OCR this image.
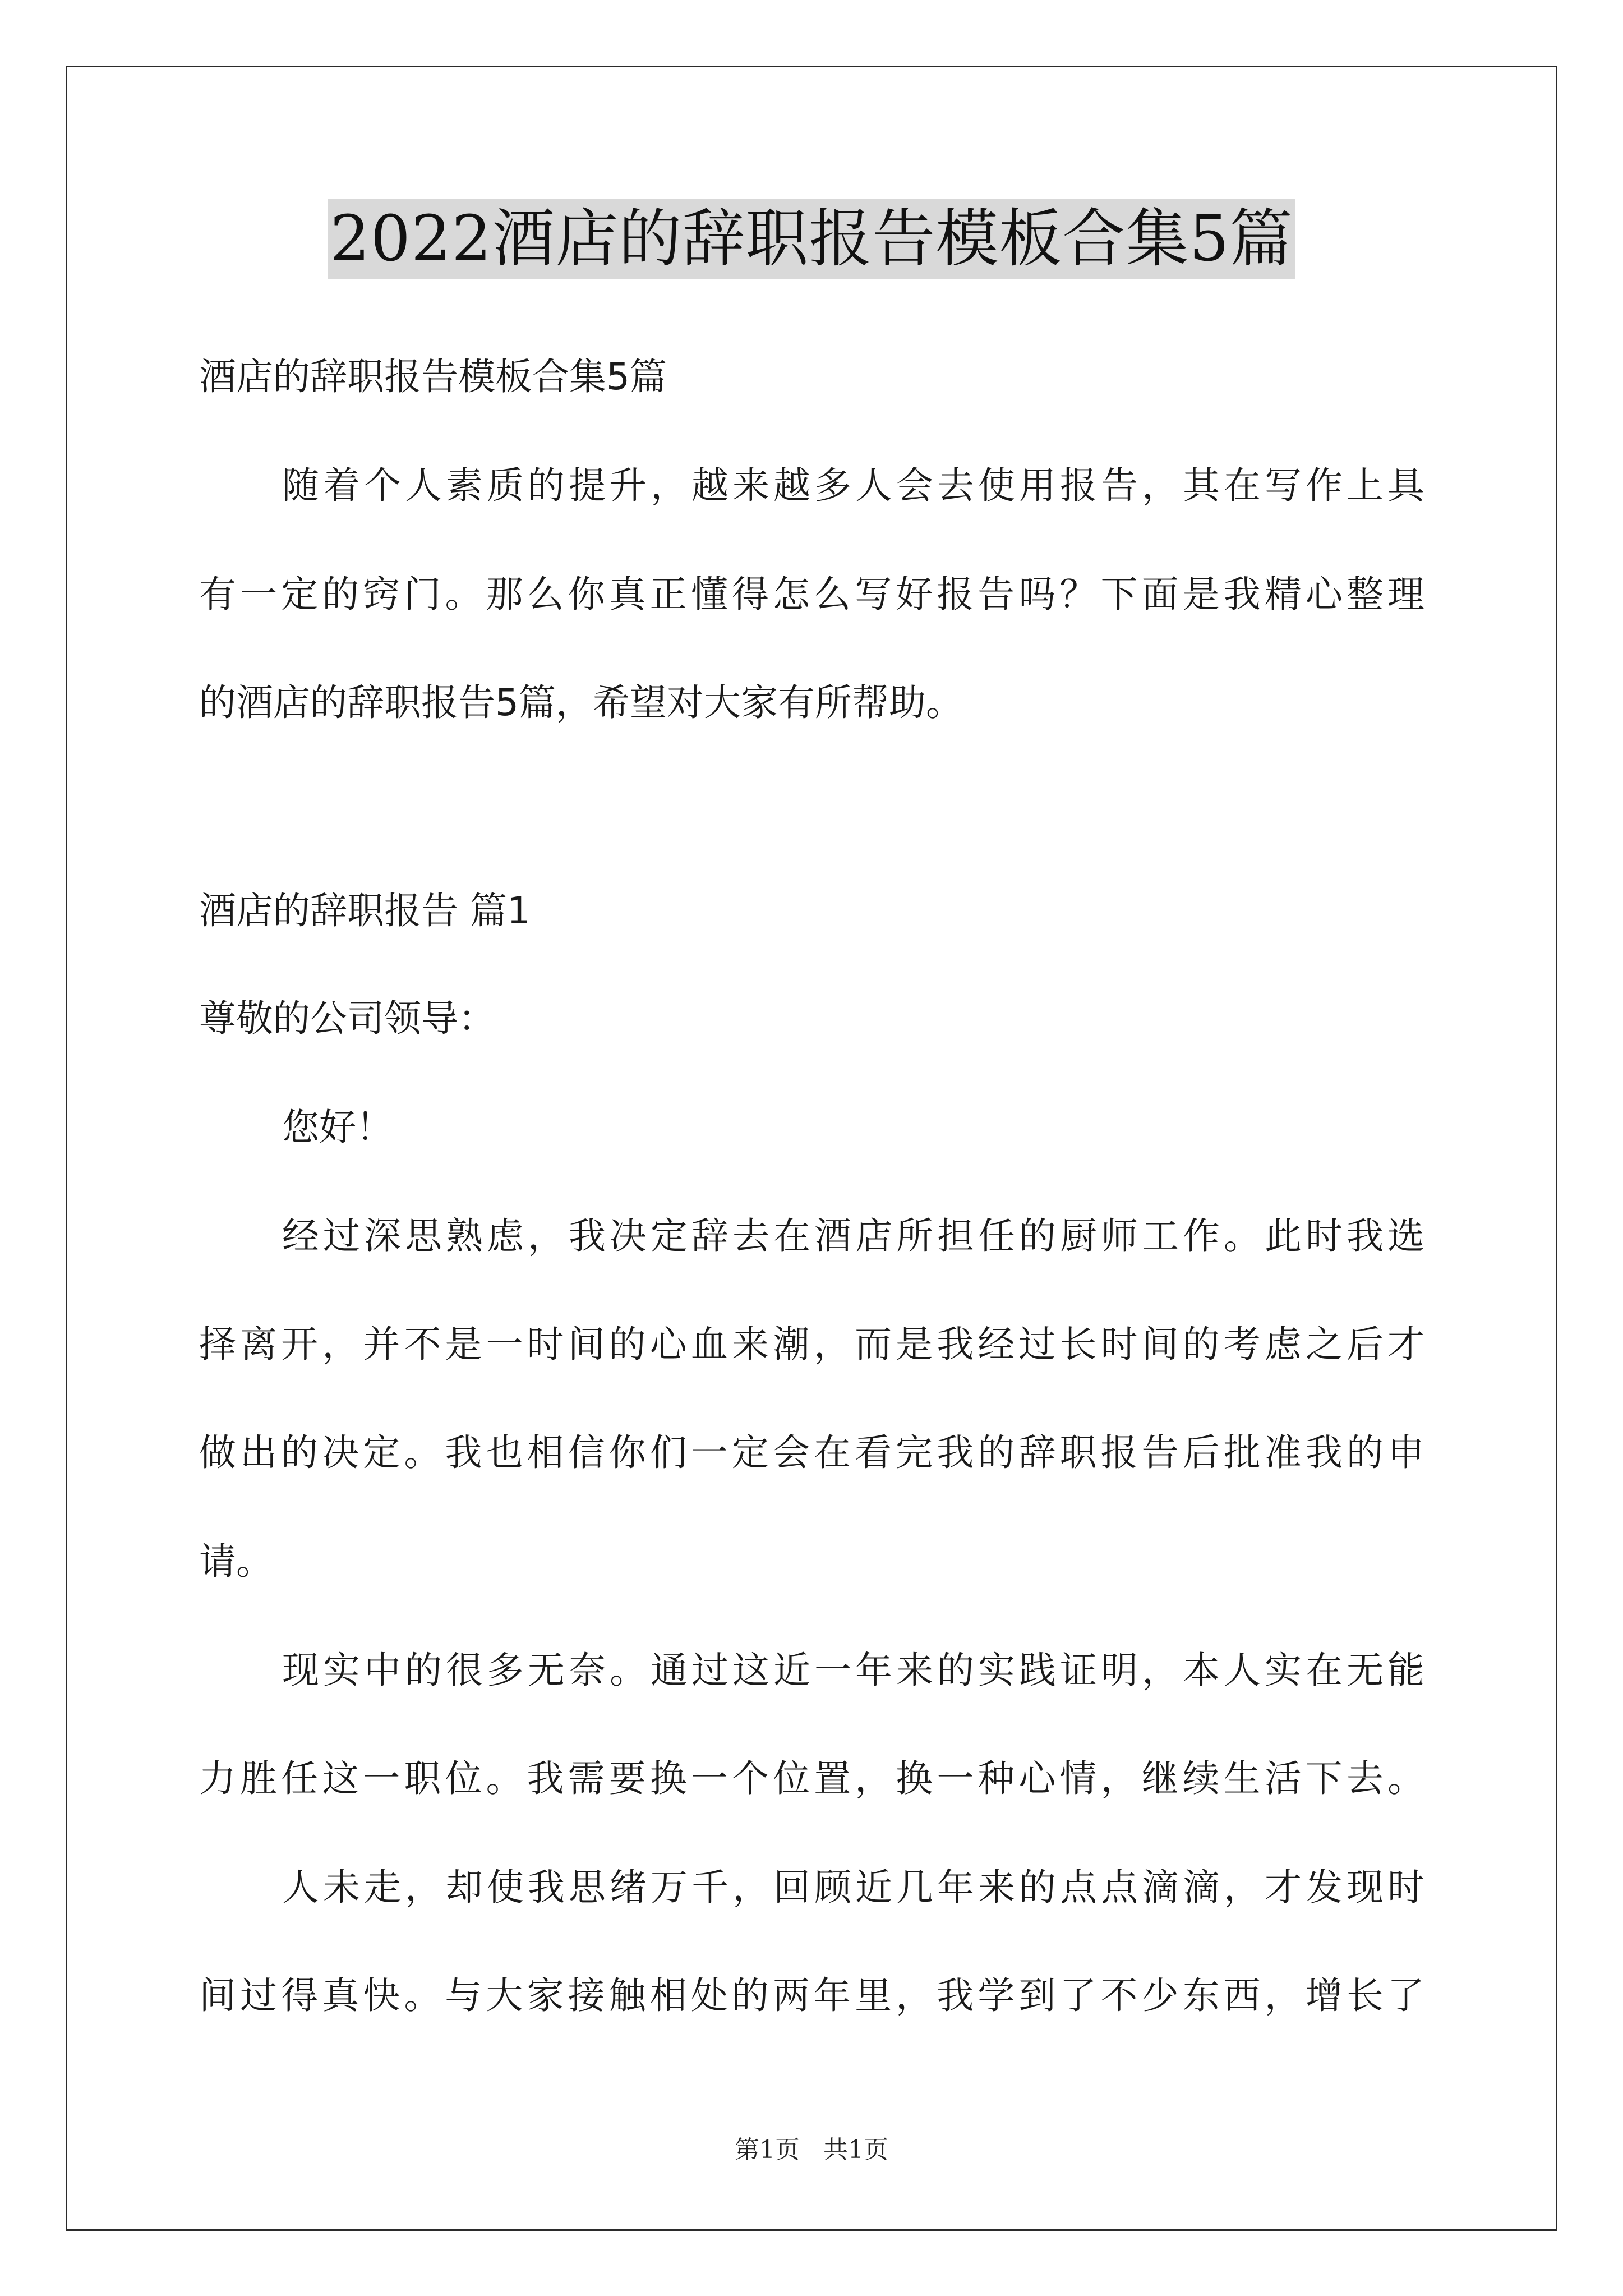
2022酒店的辞职报告模板合集5篇
酒店的辞职报告模板合集5篇
随着个人素质的提升，越来越多人会去使用报告，其在写作上具
有一定的窍门。那么你真正懂得怎么写好报告吗？下面是我精心整理
的酒店的辞职报告5篇，希望对大家有所帮助。
酒店的辞职报告 篇1
尊敬的公司领导：
您好！
经过深思熟虑，我决定辞去在酒店所担任的厨师工作。此时我选
择离开，并不是一时间的心血来潮，而是我经过长时间的考虑之后才
做出的决定。我也相信你们一定会在看完我的辞职报告后批准我的申
请。
现实中的很多无奈。通过这近一年来的实践证明，本人实在无能
力胜任这一职位。我需要换一个位置，换一种心情，继续生活下去。
人未走，却使我思绪万千，回顾近几年来的点点滴滴，才发现时
间过得真快。与大家接触相处的两年里，我学到了不少东西，增长了
第1页 共1页
